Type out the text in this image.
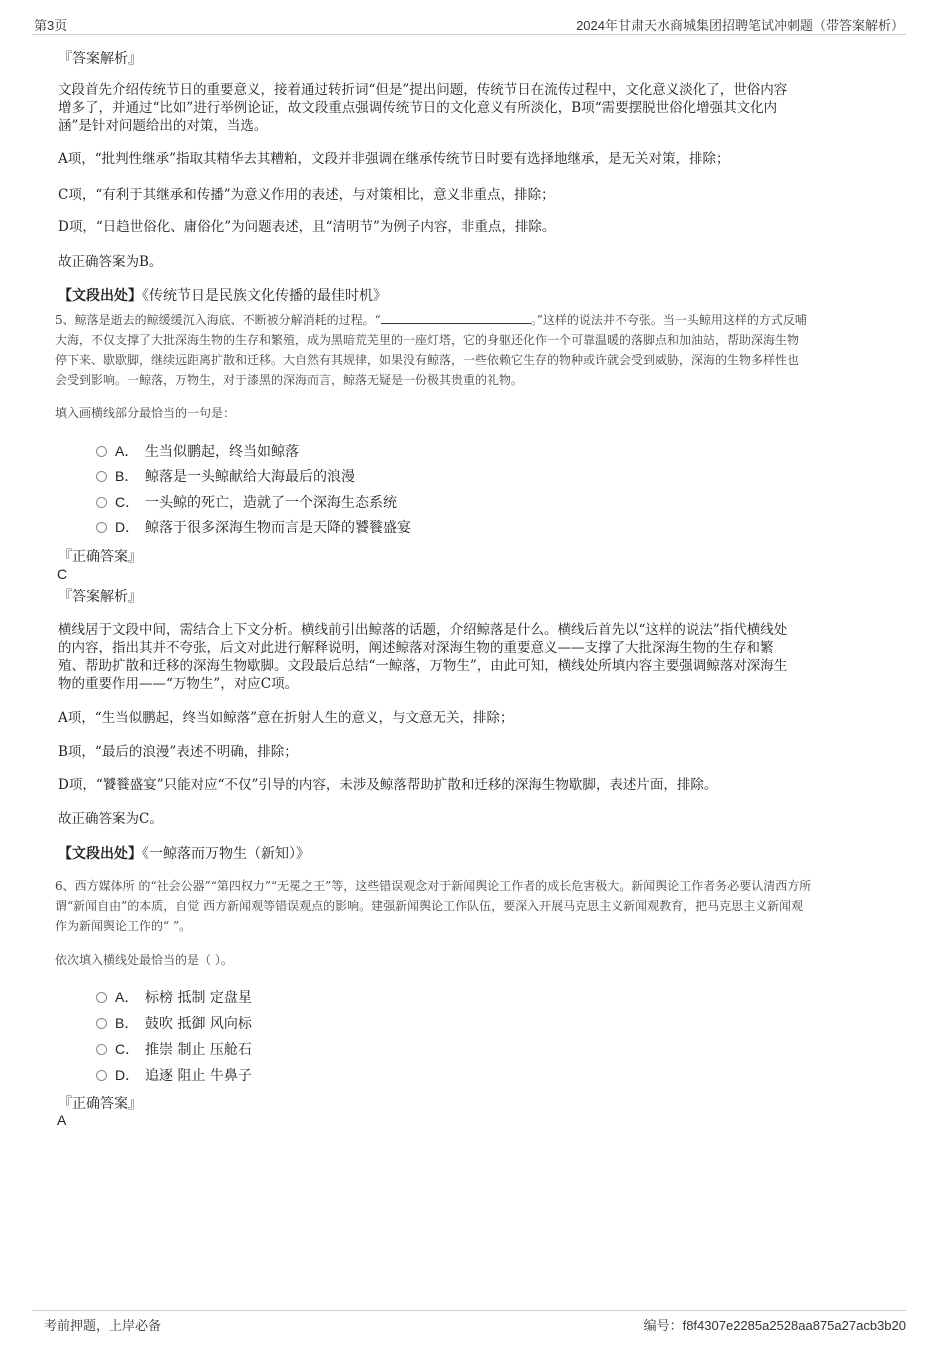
第3页	2024年甘肃天水商城集团招聘笔试冲刺题（带答案解析）
『答案解析』
文段首先介绍传统节日的重要意义，接着通过转折词“但是”提出问题，传统节日在流传过程中，文化意义淡化了，世俗内容
增多了，并通过“比如”进行举例论证，故文段重点强调传统节日的文化意义有所淡化，B项“需要摆脱世俗化增强其文化内
涵”是针对问题给出的对策，当选。
A项，“批判性继承”指取其精华去其糟粕，文段并非强调在继承传统节日时要有选择地继承，是无关对策，排除；
C项，“有利于其继承和传播”为意义作用的表述，与对策相比，意义非重点，排除；
D项，“日趋世俗化、庸俗化”为问题表述，且“清明节”为例子内容，非重点，排除。
故正确答案为B。
【文段出处】《传统节日是民族文化传播的最佳时机》
5、鲸落是逝去的鲸缓缓沉入海底、不断被分解消耗的过程。“	。”这样的说法并不夸张。当一头鲸用这样的方式反哺
大海，不仅支撑了大批深海生物的生存和繁殖，成为黑暗荒芜里的一座灯塔，它的身躯还化作一个可靠温暖的落脚点和加油站，帮助深海生物
停下来、歇歇脚，继续远距离扩散和迁移。大自然有其规律，如果没有鲸落，一些依赖它生存的物种或许就会受到威胁，深海的生物多样性也
会受到影响。一鲸落，万物生，对于漆黑的深海而言，鲸落无疑是一份极其贵重的礼物。
填入画横线部分最恰当的一句是：
A． 生当似鹏起，终当如鲸落
B． 鲸落是一头鲸献给大海最后的浪漫
C． 一头鲸的死亡，造就了一个深海生态系统
D． 鲸落于很多深海生物而言是天降的饕餮盛宴
『正确答案』
C
『答案解析』
横线居于文段中间，需结合上下文分析。横线前引出鲸落的话题，介绍鲸落是什么。横线后首先以“这样的说法”指代横线处
的内容，指出其并不夸张，后文对此进行解释说明，阐述鲸落对深海生物的重要意义——支撑了大批深海生物的生存和繁
殖、帮助扩散和迁移的深海生物歇脚。文段最后总结“一鲸落，万物生”，由此可知，横线处所填内容主要强调鲸落对深海生
物的重要作用——“万物生”，对应C项。
A项，“生当似鹏起，终当如鲸落”意在折射人生的意义，与文意无关，排除；
B项，“最后的浪漫”表述不明确，排除；
D项，“饕餮盛宴”只能对应“不仅”引导的内容，未涉及鲸落帮助扩散和迁移的深海生物歇脚，表述片面，排除。
故正确答案为C。
【文段出处】《一鲸落而万物生（新知）》
6、西方媒体所 的“社会公器”“第四权力”“无冕之王”等，这些错误观念对于新闻舆论工作者的成长危害极大。新闻舆论工作者务必要认清西方所
谓“新闻自由”的本质，自觉 西方新闻观等错误观点的影响。建强新闻舆论工作队伍，要深入开展马克思主义新闻观教育，把马克思主义新闻观
作为新闻舆论工作的“ ”。
依次填入横线处最恰当的是（ ）。
A． 标榜 抵制 定盘星
B． 鼓吹 抵御 风向标
C． 推崇 制止 压舱石
D． 追逐 阻止 牛鼻子
『正确答案』
A
考前押题，上岸必备	编号：f8f4307e2285a2528aa875a27acb3b20
